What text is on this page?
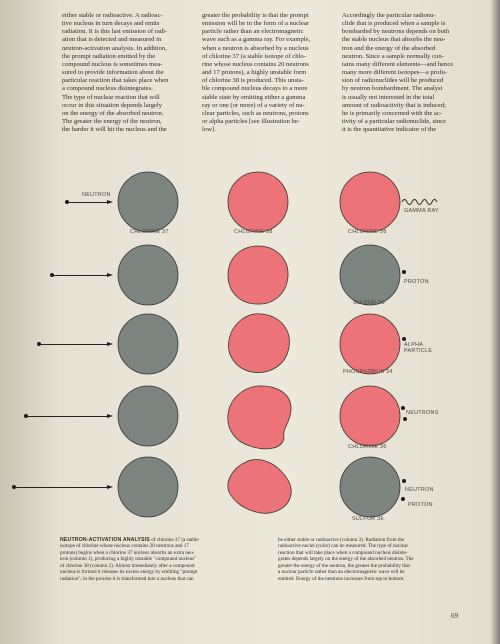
either stable or radioactive. A radioac-
tive nucleus in turn decays and emits
radiation. It is this last emission of radi-
ation that is detected and measured in
neutron-activation analysis. In addition,
the prompt radiation emitted by the
compound nucleus is sometimes mea-
sured to provide information about the
particular reaction that takes place when
a compound nucleus disintegrates.
The type of nuclear reaction that will
occur in this situation depends largely
on the energy of the absorbed neutron.
The greater the energy of the neutron,
the harder it will hit the nucleus and the

greater the probability is that the prompt
emission will be in the form of a nuclear
particle rather than an electromagnetic
wave such as a gamma ray. For example,
when a neutron is absorbed by a nucleus
of chlorine 37 (a stable isotope of chlo-
rine whose nucleus contains 20 neutrons
and 17 protons), a highly unstable form
of chlorine 38 is produced. This unsta-
ble compound nucleus decays to a more
stable state by emitting either a gamma
ray or one (or more) of a variety of nu-
clear particles, such as neutrons, protons
or alpha particles [see illustration be-
low].

Accordingly the particular radionu-
clide that is produced when a sample is
bombarded by neutrons depends on both
the stable nucleus that absorbs the neu-
tron and the energy of the absorbed
neutron. Since a sample normally con-
tains many different elements—and hence
many more different isotopes—a profu-
sion of radionuclides will be produced
by neutron bombardment. The analyst
is usually not interested in the total
amount of radioactivity that is induced;
he is primarily concerned with the ac-
tivity of a particular radionuclide, since
it is the quantitative indicator of the

NEUTRON
CHLORINE 37	CHLORINE 38	CHLORINE 38
GAMMA RAY
PROTON
SULFUR 36
ALPHA
PARTICLE
PHOSPHORUS 34
NEUTRONS
CHLORINE 36
NEUTRON
PROTON
SULFUR 36

NEUTRON-ACTIVATION ANALYSIS of chlorine 37 (a stable
isotope of chlorine whose nucleus contains 20 neutrons and 17
protons) begins when a chlorine 37 nucleus absorbs an extra neu-
tron (column 1), producing a highly unstable "compound nucleus"
of chlorine 38 (column 2). Almost immediately after a compound
nucleus is formed it releases its excess energy by emitting "prompt
radiation"; in the process it is transformed into a nucleus that can

be either stable or radioactive (column 3). Radiation from the
radioactive nuclei (color) can be measured. The type of nuclear
reaction that will take place when a compound nucleus disinte-
grates depends largely on the energy of the absorbed neutron. The
greater the energy of the neutron, the greater the probability that
a nuclear particle rather than an electromagnetic wave will be
emitted. Energy of the neutrons increases from top to bottom.

69
